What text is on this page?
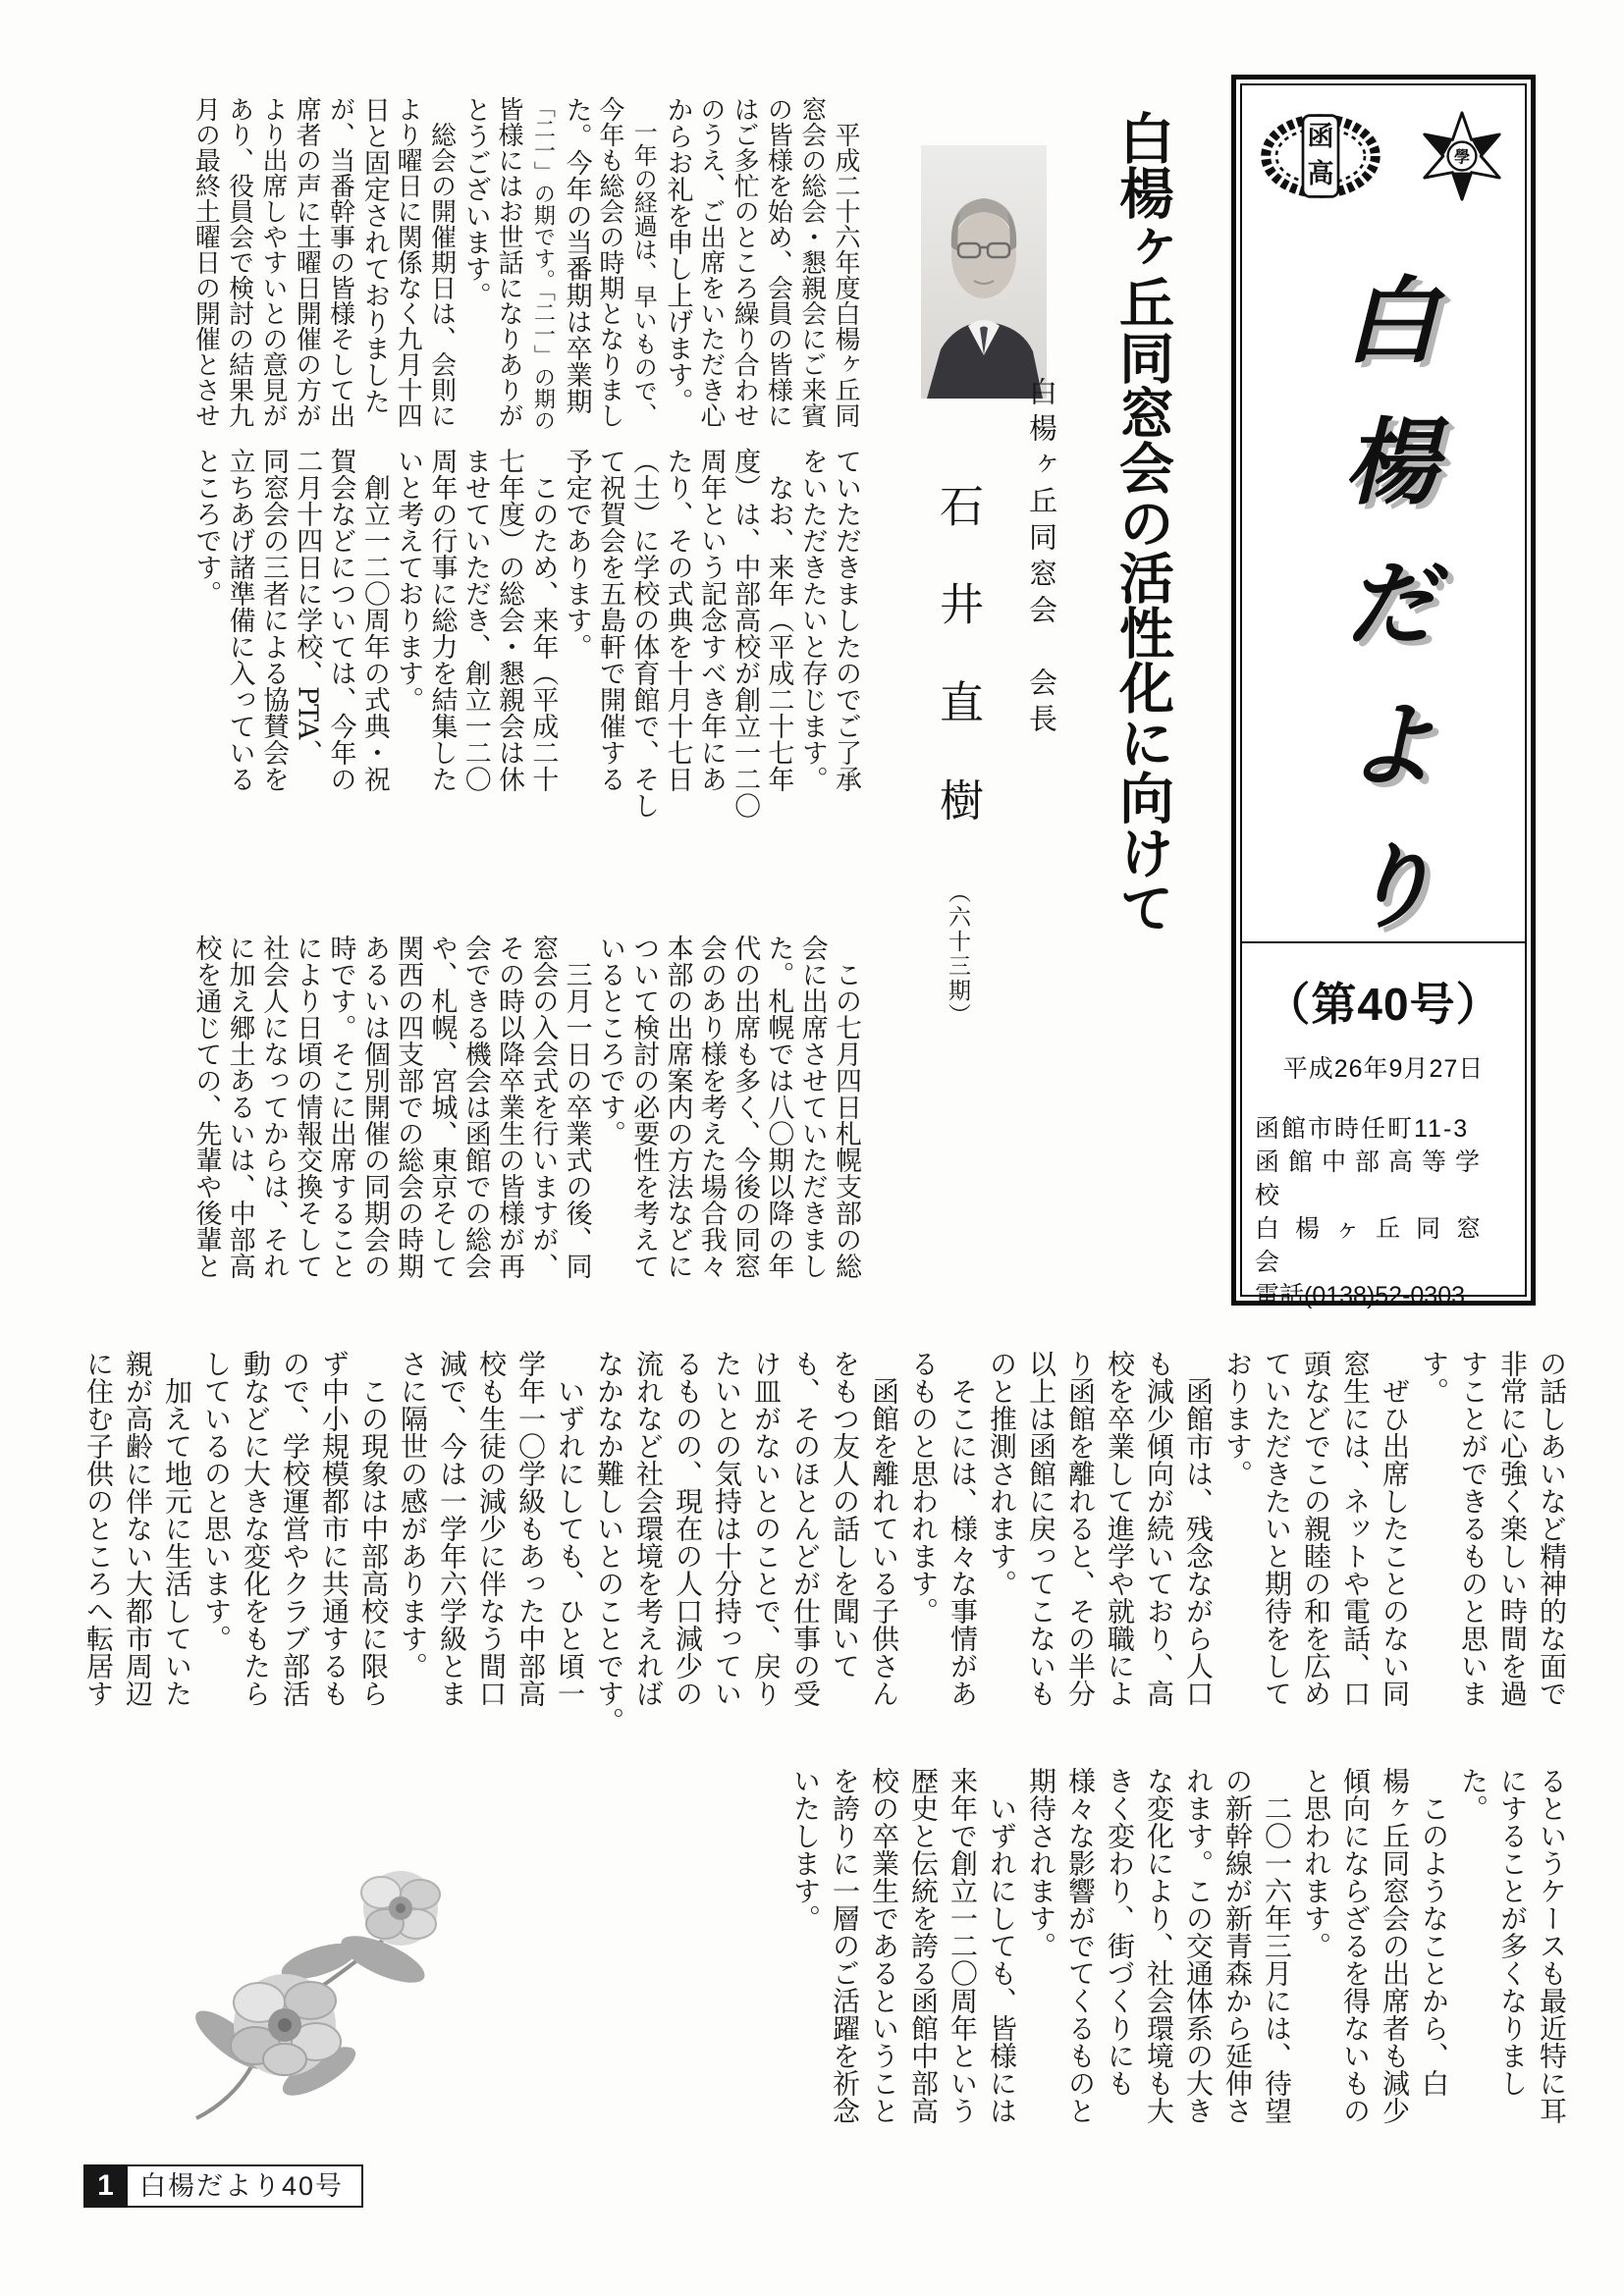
函
高
學
白楊だより
（第40号）
平成26年9月27日
函館市時任町11-3
函館中部高等学校
白楊ヶ丘同窓会
電話(0138)52-0303
白楊ヶ丘同窓会の活性化に向けて
白楊ヶ丘同窓会　会長
石井直樹 （六十三期）
　平成二十六年度白楊ヶ丘同
窓会の総会・懇親会にご来賓
の皆様を始め、会員の皆様に
はご多忙のところ繰り合わせ
のうえ、ご出席をいただき心
からお礼を申し上げます。
　一年の経過は、早いもので、
今年も総会の時期となりまし
た。今年の当番期は卒業期
「二一」の期です。「二一」の期の
皆様にはお世話になりありが
とうございます。
　総会の開催期日は、会則に
より曜日に関係なく九月十四
日と固定されておりました
が、当番幹事の皆様そして出
席者の声に土曜日開催の方が
より出席しやすいとの意見が
あり、役員会で検討の結果九
月の最終土曜日の開催とさせ
ていただきましたのでご了承
をいただきたいと存じます。
　なお、来年（平成二十七年
度）は、中部高校が創立一二〇
周年という記念すべき年にあ
たり、その式典を十月十七日
（土）に学校の体育館で、そし
て祝賀会を五島軒で開催する
予定であります。
　このため、来年（平成二十
七年度）の総会・懇親会は休
ませていただき、創立一二〇
周年の行事に総力を結集した
いと考えております。
　創立一二〇周年の式典・祝
賀会などについては、今年の
二月十四日に学校、PTA、
同窓会の三者による協賛会を
立ちあげ諸準備に入っている
ところです。
　この七月四日札幌支部の総
会に出席させていただきまし
た。札幌では八〇期以降の年
代の出席も多く、今後の同窓
会のあり様を考えた場合我々
本部の出席案内の方法などに
ついて検討の必要性を考えて
いるところです。
　三月一日の卒業式の後、同
窓会の入会式を行いますが、
その時以降卒業生の皆様が再
会できる機会は函館での総会
や、札幌、宮城、東京そして
関西の四支部での総会の時期
あるいは個別開催の同期会の
時です。そこに出席すること
により日頃の情報交換そして
社会人になってからは、それ
に加え郷土あるいは、中部高
校を通じての、先輩や後輩と
の話しあいなど精神的な面で
非常に心強く楽しい時間を過
すことができるものと思いま
す。
　ぜひ出席したことのない同
窓生には、ネットや電話、口
頭などでこの親睦の和を広め
ていただきたいと期待をして
おります。
　函館市は、残念ながら人口
も減少傾向が続いており、高
校を卒業して進学や就職によ
り函館を離れると、その半分
以上は函館に戻ってこないも
のと推測されます。
　そこには、様々な事情があ
るものと思われます。
　函館を離れている子供さん
をもつ友人の話しを聞いて
も、そのほとんどが仕事の受
け皿がないとのことで、戻り
たいとの気持は十分持ってい
るものの、現在の人口減少の
流れなど社会環境を考えれば
なかなか難しいとのことです。
　いずれにしても、ひと頃一
学年一〇学級もあった中部高
校も生徒の減少に伴なう間口
減で、今は一学年六学級とま
さに隔世の感があります。
　この現象は中部高校に限ら
ず中小規模都市に共通するも
ので、学校運営やクラブ部活
動などに大きな変化をもたら
しているのと思います。
　加えて地元に生活していた
親が高齢に伴ない大都市周辺
に住む子供のところへ転居す
るというケースも最近特に耳
にすることが多くなりまし
た。
　このようなことから、白
楊ヶ丘同窓会の出席者も減少
傾向にならざるを得ないもの
と思われます。
　二〇一六年三月には、待望
の新幹線が新青森から延伸さ
れます。この交通体系の大き
な変化により、社会環境も大
きく変わり、街づくりにも
様々な影響がでてくるものと
期待されます。
　いずれにしても、皆様には
来年で創立一二〇周年という
歴史と伝統を誇る函館中部高
校の卒業生であるということ
を誇りに一層のご活躍を祈念
いたします。
1 白楊だより40号
